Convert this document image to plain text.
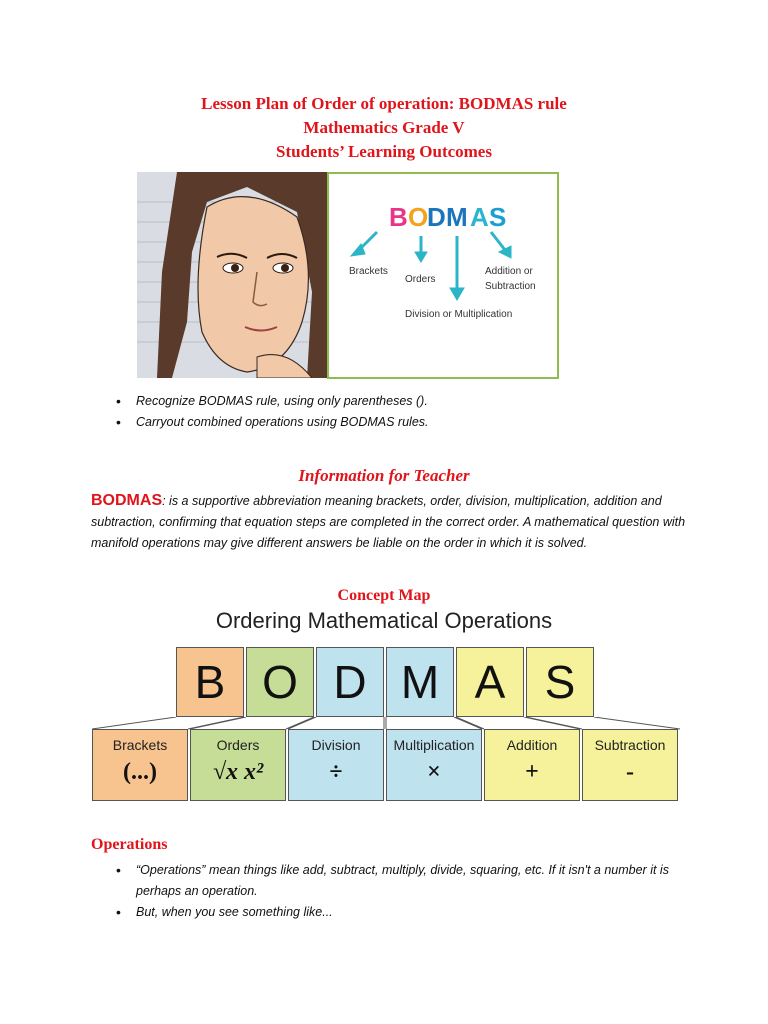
Lesson Plan of Order of operation: BODMAS rule
Mathematics Grade V
Students’ Learning Outcomes
B O
D M A S
Brackets
Orders
Addition or
Subtraction
Division or Multiplication
• Recognize BODMAS rule, using only parentheses ().
• Carryout combined operations using BODMAS rules.
Information for Teacher
BODMAS: is a supportive abbreviation meaning brackets, order, division, multiplication, addition and subtraction, confirming that equation steps are completed in the correct order. A mathematical question with manifold operations may give different answers be liable on the order in which it is solved.
Concept Map
Ordering Mathematical Operations
B O D M A S
Brackets
(...)
Orders
√x x²
Division
÷
Multiplication
×
Addition
+
Subtraction
-
Operations
• “Operations” mean things like add, subtract, multiply, divide, squaring, etc. If it isn't a number it is perhaps an operation.
• But, when you see something like...
